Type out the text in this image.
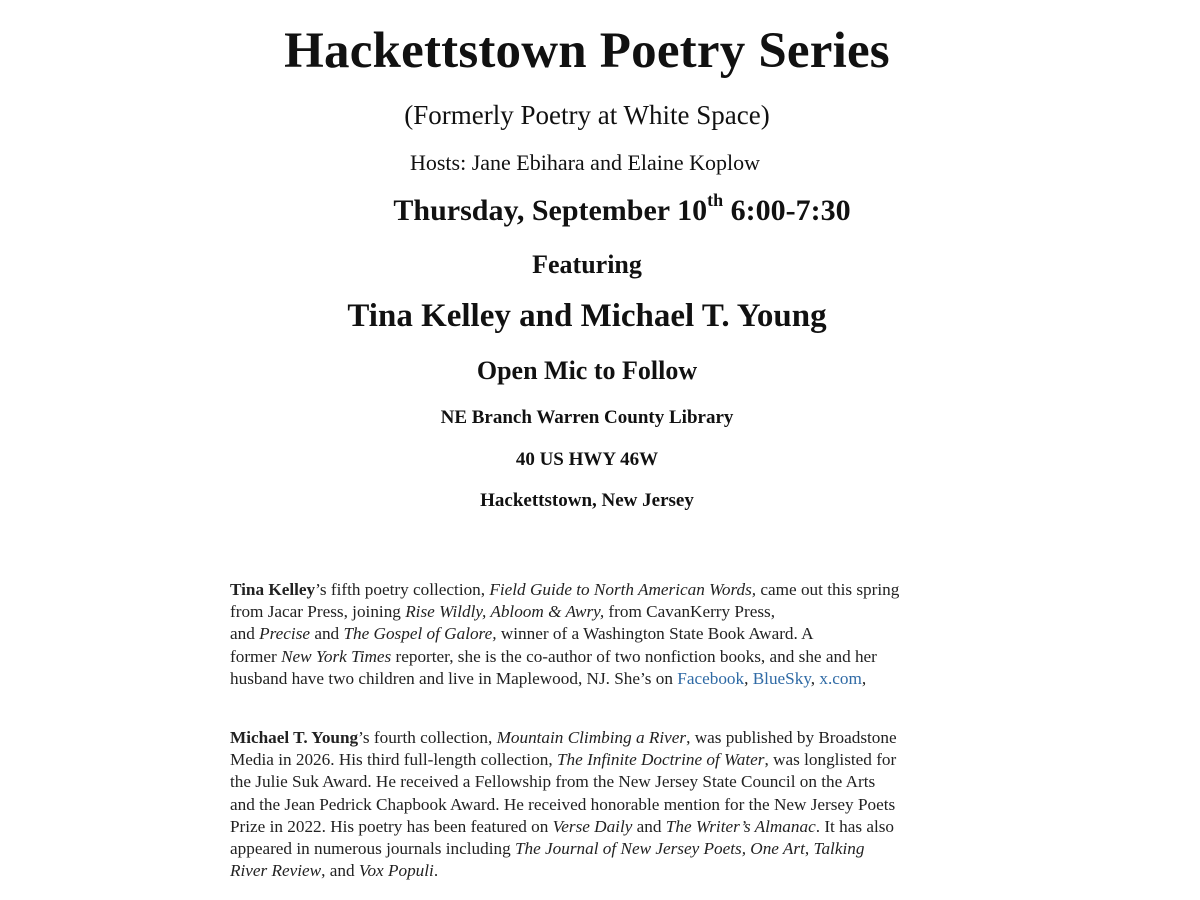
Hackettstown Poetry Series
(Formerly Poetry at White Space)
Hosts: Jane Ebihara and Elaine Koplow
Thursday, September 10th 6:00-7:30
Featuring
Tina Kelley and Michael T. Young
Open Mic to Follow
NE Branch Warren County Library
40 US HWY 46W
Hackettstown, New Jersey
Tina Kelley’s fifth poetry collection, Field Guide to North American Words, came out this spring
from Jacar Press, joining Rise Wildly, Abloom & Awry, from CavanKerry Press,
and Precise and The Gospel of Galore, winner of a Washington State Book Award. A
former New York Times reporter, she is the co-author of two nonfiction books, and she and her
husband have two children and live in Maplewood, NJ. She’s on Facebook, BlueSky, x.com,
Michael T. Young’s fourth collection, Mountain Climbing a River, was published by Broadstone
Media in 2026. His third full-length collection, The Infinite Doctrine of Water, was longlisted for
the Julie Suk Award. He received a Fellowship from the New Jersey State Council on the Arts
and the Jean Pedrick Chapbook Award. He received honorable mention for the New Jersey Poets
Prize in 2022. His poetry has been featured on Verse Daily and The Writer’s Almanac. It has also
appeared in numerous journals including The Journal of New Jersey Poets, One Art, Talking
River Review, and Vox Populi.
